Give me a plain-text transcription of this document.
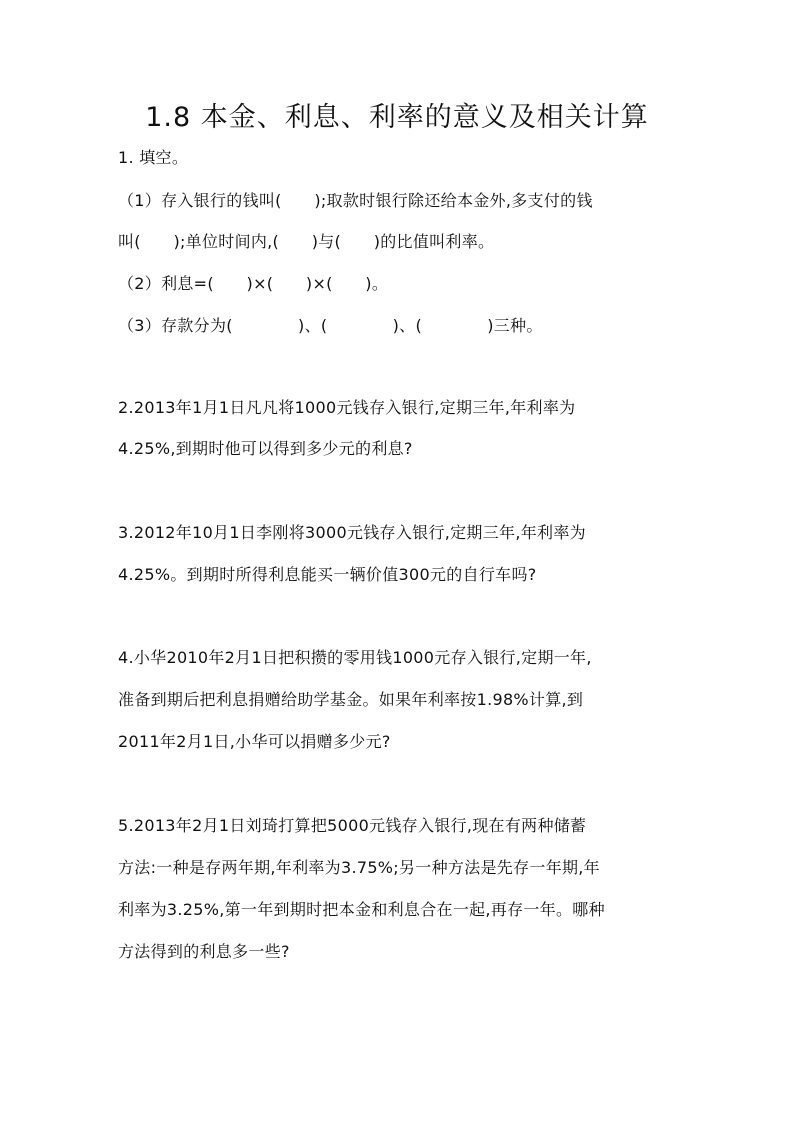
1.8 本金、利息、利率的意义及相关计算
1. 填空。
（1）存入银行的钱叫(　　);取款时银行除还给本金外,多支付的钱
叫(　　);单位时间内,(　　)与(　　)的比值叫利率。
（2）利息=(　　)×(　　)×(　　)。
（3）存款分为(　　　　)、(　　　　)、(　　　　)三种。
2.2013年1月1日凡凡将1000元钱存入银行,定期三年,年利率为
4.25%,到期时他可以得到多少元的利息?
3.2012年10月1日李刚将3000元钱存入银行,定期三年,年利率为
4.25%。到期时所得利息能买一辆价值300元的自行车吗?
4.小华2010年2月1日把积攒的零用钱1000元存入银行,定期一年,
准备到期后把利息捐赠给助学基金。如果年利率按1.98%计算,到
2011年2月1日,小华可以捐赠多少元?
5.2013年2月1日刘琦打算把5000元钱存入银行,现在有两种储蓄
方法:一种是存两年期,年利率为3.75%;另一种方法是先存一年期,年
利率为3.25%,第一年到期时把本金和利息合在一起,再存一年。哪种
方法得到的利息多一些?
